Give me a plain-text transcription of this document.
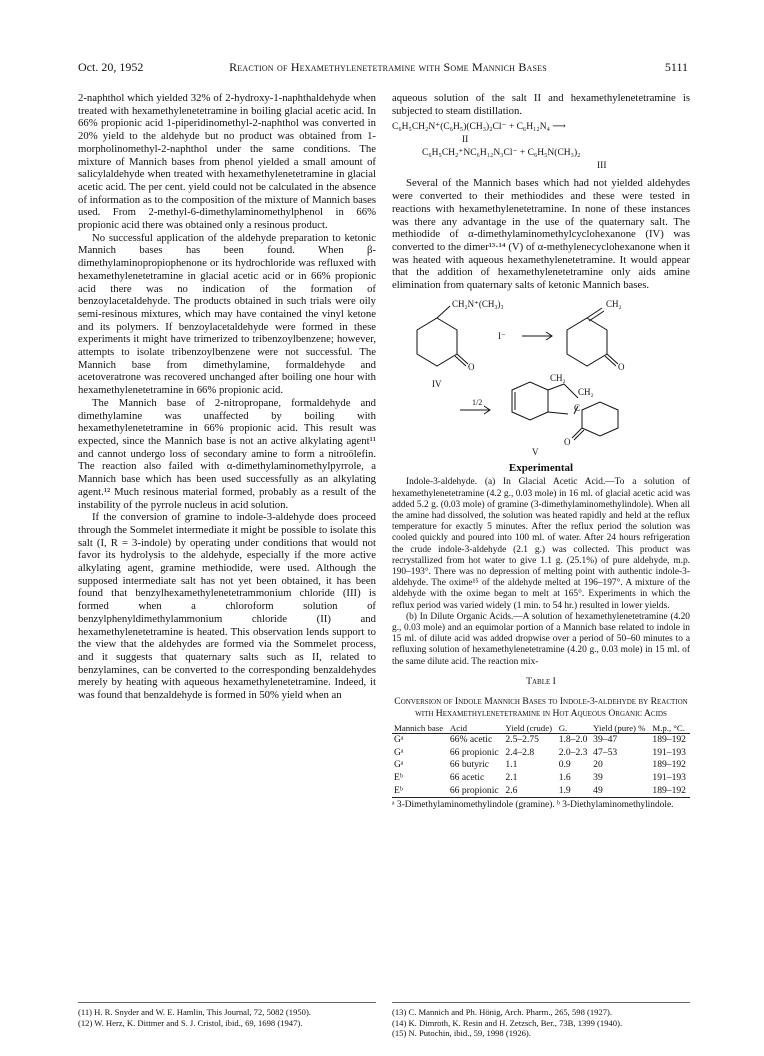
Oct. 20, 1952	Reaction of Hexamethylenetetramine with Some Mannich Bases	5111

2-naphthol which yielded 32% of 2-hydroxy-1-naphthaldehyde when treated with hexamethylenetetramine in boiling glacial acetic acid. In 66% propionic acid 1-piperidinomethyl-2-naphthol was converted in 20% yield to the aldehyde but no product was obtained from 1-morpholinomethyl-2-naphthol under the same conditions. The mixture of Mannich bases from phenol yielded a small amount of salicylaldehyde when treated with hexamethylenetetramine in glacial acetic acid. The per cent. yield could not be calculated in the absence of information as to the composition of the mixture of Mannich bases used. From 2-methyl-6-dimethylaminomethylphenol in 66% propionic acid there was obtained only a resinous product.

No successful application of the aldehyde preparation to ketonic Mannich bases has been found. When β-dimethylaminopropiophenone or its hydrochloride was refluxed with hexamethylenetetramine in glacial acetic acid or in 66% propionic acid there was no indication of the formation of benzoylacetaldehyde. The products obtained in such trials were oily semi-resinous mixtures, which may have contained the vinyl ketone and its polymers. If benzoylacetaldehyde were formed in these experiments it might have trimerized to tribenzoylbenzene; however, attempts to isolate tribenzoylbenzene were not successful. The Mannich base from dimethylamine, formaldehyde and acetoveratrone was recovered unchanged after boiling one hour with hexamethylenetetramine in 66% propionic acid.

The Mannich base of 2-nitropropane, formaldehyde and dimethylamine was unaffected by boiling with hexamethylenetetramine in 66% propionic acid. This result was expected, since the Mannich base is not an active alkylating agent¹¹ and cannot undergo loss of secondary amine to form a nitroölefin. The reaction also failed with α-dimethylaminomethylpyrrole, a Mannich base which has been used successfully as an alkylating agent.¹² Much resinous material formed, probably as a result of the instability of the pyrrole nucleus in acid solution.

If the conversion of gramine to indole-3-aldehyde does proceed through the Sommelet intermediate it might be possible to isolate this salt (I, R = 3-indole) by operating under conditions that would not favor its hydrolysis to the aldehyde, especially if the more active alkylating agent, gramine methiodide, were used. Although the supposed intermediate salt has not yet been obtained, it has been found that benzylhexamethylenetetrammonium chloride (III) is formed when a chloroform solution of benzylphenyldimethylammonium chloride (II) and hexamethylenetetramine is heated. This observation lends support to the view that the aldehydes are formed via the Sommelet process, and it suggests that quaternary salts such as II, related to benzylamines, can be converted to the corresponding benzaldehydes merely by heating with aqueous hexamethylenetetramine. Indeed, it was found that benzaldehyde is formed in 50% yield when an

aqueous solution of the salt II and hexamethylenetetramine is subjected to steam distillation.

C₆H₅CH₂N⁺(C₆H₅)(CH₃)₂Cl⁻ + C₆H₁₂N₄ ⟶
II
C₆H₅CH₂⁺NC₆H₁₂N₃Cl⁻ + C₆H₅N(CH₃)₂
III

Several of the Mannich bases which had not yielded aldehydes were converted to their methiodides and these were tested in reactions with hexamethylenetetramine. In none of these instances was there any advantage in the use of the quaternary salt. The methiodide of α-dimethylaminomethylcyclohexanone (IV) was converted to the dimer¹³·¹⁴ (V) of α-methylenecyclohexanone when it was heated with aqueous hexamethylenetetramine. It would appear that the addition of hexamethylenetetramine only aids amine elimination from quaternary salts of ketonic Mannich bases.

CH₂N⁺(CH₃)₃
I⁻
CH₂
O	O
IV
1/2
CH₂
CH₂
C
O
V
Experimental

Indole-3-aldehyde. (a) In Glacial Acetic Acid.—To a solution of hexamethylenetetramine (4.2 g., 0.03 mole) in 16 ml. of glacial acetic acid was added 5.2 g. (0.03 mole) of gramine (3-dimethylaminomethylindole). When all the amine had dissolved, the solution was heated rapidly and held at the reflux temperature for exactly 5 minutes. After the reflux period the solution was cooled quickly and poured into 100 ml. of water. After 24 hours refrigeration the crude indole-3-aldehyde (2.1 g.) was collected. This product was recrystallized from hot water to give 1.1 g. (25.1%) of pure aldehyde, m.p. 190–193°. There was no depression of melting point with authentic indole-3-aldehyde. The oxime¹⁵ of the aldehyde melted at 196–197°. A mixture of the aldehyde with the oxime began to melt at 165°. Experiments in which the reflux period was varied widely (1 min. to 54 hr.) resulted in lower yields.

(b) In Dilute Organic Acids.—A solution of hexamethylenetetramine (4.20 g., 0.03 mole) and an equimolar portion of a Mannich base related to indole in 15 ml. of dilute acid was added dropwise over a period of 50–60 minutes to a refluxing solution of hexamethylenetetramine (4.20 g., 0.03 mole) in 15 ml. of the same dilute acid. The reaction mix-

Table I
Conversion of Indole Mannich Bases to Indole-3-aldehyde by Reaction with Hexamethylenetetramine in Hot Aqueous Organic Acids
Mannich base	Acid	Yield (crude)	G.	Yield (pure) %	M.p., °C.
Gᵃ	66% acetic	2.5–2.75	1.8–2.0	39–47	189–192
Gᵃ	66 propionic	2.4–2.8	2.0–2.3	47–53	191–193
Gᵃ	66 butyric	1.1	0.9	20	189–192
Eᵇ	66 acetic	2.1	1.6	39	191–193
Eᵇ	66 propionic	2.6	1.9	49	189–192
ᵃ 3-Dimethylaminomethylindole (gramine). ᵇ 3-Diethylaminomethylindole.
(11) H. R. Snyder and W. E. Hamlin, This Journal, 72, 5082 (1950).
(12) W. Herz, K. Dittmer and S. J. Cristol, ibid., 69, 1698 (1947).
(13) C. Mannich and Ph. Hönig, Arch. Pharm., 265, 598 (1927).
(14) K. Dimroth, K. Resin and H. Zetzsch, Ber., 73B, 1399 (1940).
(15) N. Putochin, ibid., 59, 1998 (1926).
